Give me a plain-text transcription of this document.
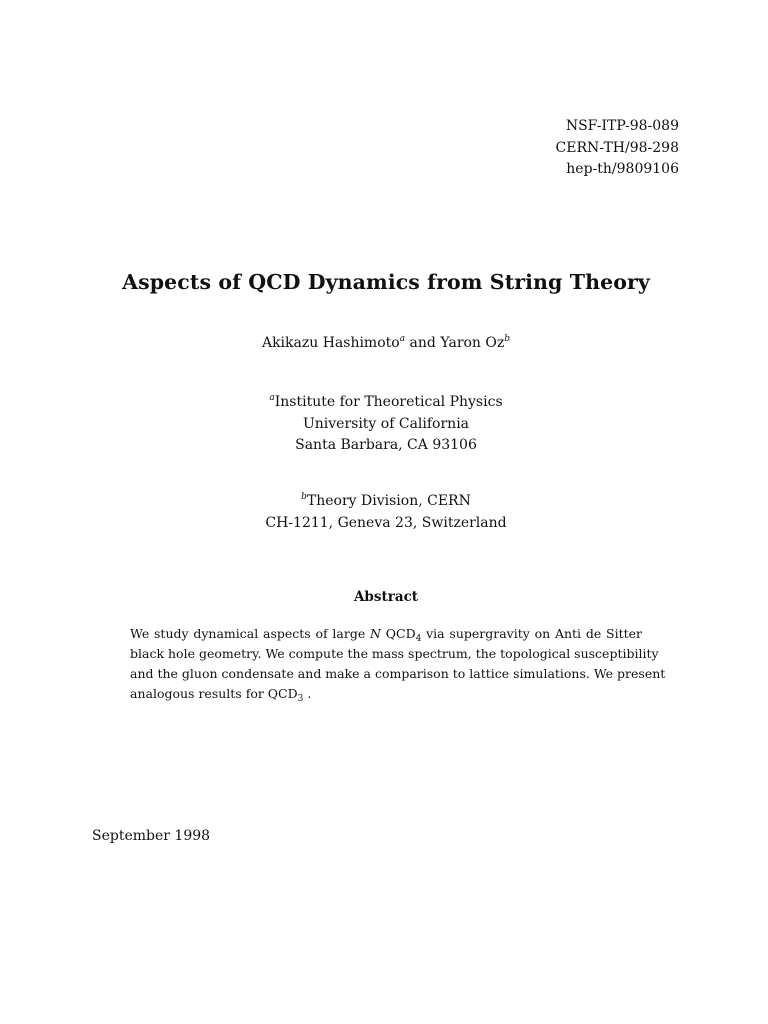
NSF-ITP-98-089
CERN-TH/98-298
hep-th/9809106
Aspects of QCD Dynamics from String Theory
Akikazu Hashimoto$^a$ and Yaron Oz$^b$
$^a$Institute for Theoretical Physics
University of California
Santa Barbara, CA 93106
$^b$Theory Division, CERN
CH-1211, Geneva 23, Switzerland
Abstract
We study dynamical aspects of large N $QCD_4$ via supergravity on Anti de Sitter
black hole geometry. We compute the mass spectrum, the topological susceptibility
and the gluon condensate and make a comparison to lattice simulations. We present
analogous results for $QCD_3$ .
September 1998
